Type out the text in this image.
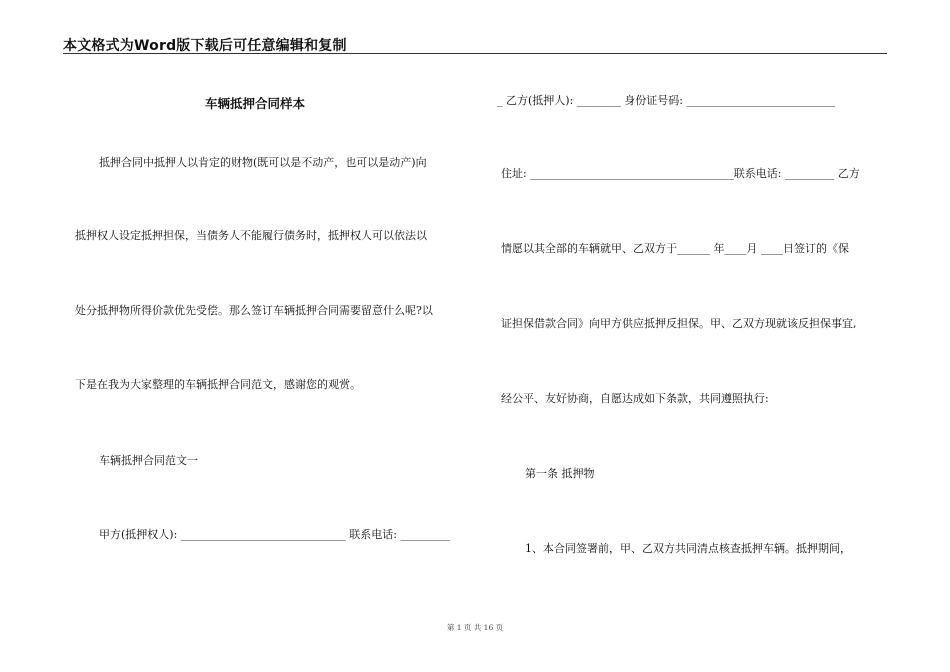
本文格式为Word版下载后可任意编辑和复制
车辆抵押合同样本
抵押合同中抵押人以肯定的财物(既可以是不动产，也可以是动产)向
抵押权人设定抵押担保，当债务人不能履行债务时，抵押权人可以依法以
处分抵押物所得价款优先受偿。那么签订车辆抵押合同需要留意什么呢?以
下是在我为大家整理的车辆抵押合同范文，感谢您的观赏。
车辆抵押合同范文一
甲方(抵押权人): ______________________________ 联系电话: _________
_ 乙方(抵押人): ________ 身份证号码: ___________________________
住址: _____________________________________联系电话: _________ 乙方
情愿以其全部的车辆就甲、乙双方于______ 年____月 ____日签订的《保
证担保借款合同》向甲方供应抵押反担保。甲、乙双方现就该反担保事宜,
经公平、友好协商，自愿达成如下条款，共同遵照执行:
第一条 抵押物
1、本合同签署前，甲、乙双方共同清点核查抵押车辆。抵押期间，
第 1 页 共 16 页
